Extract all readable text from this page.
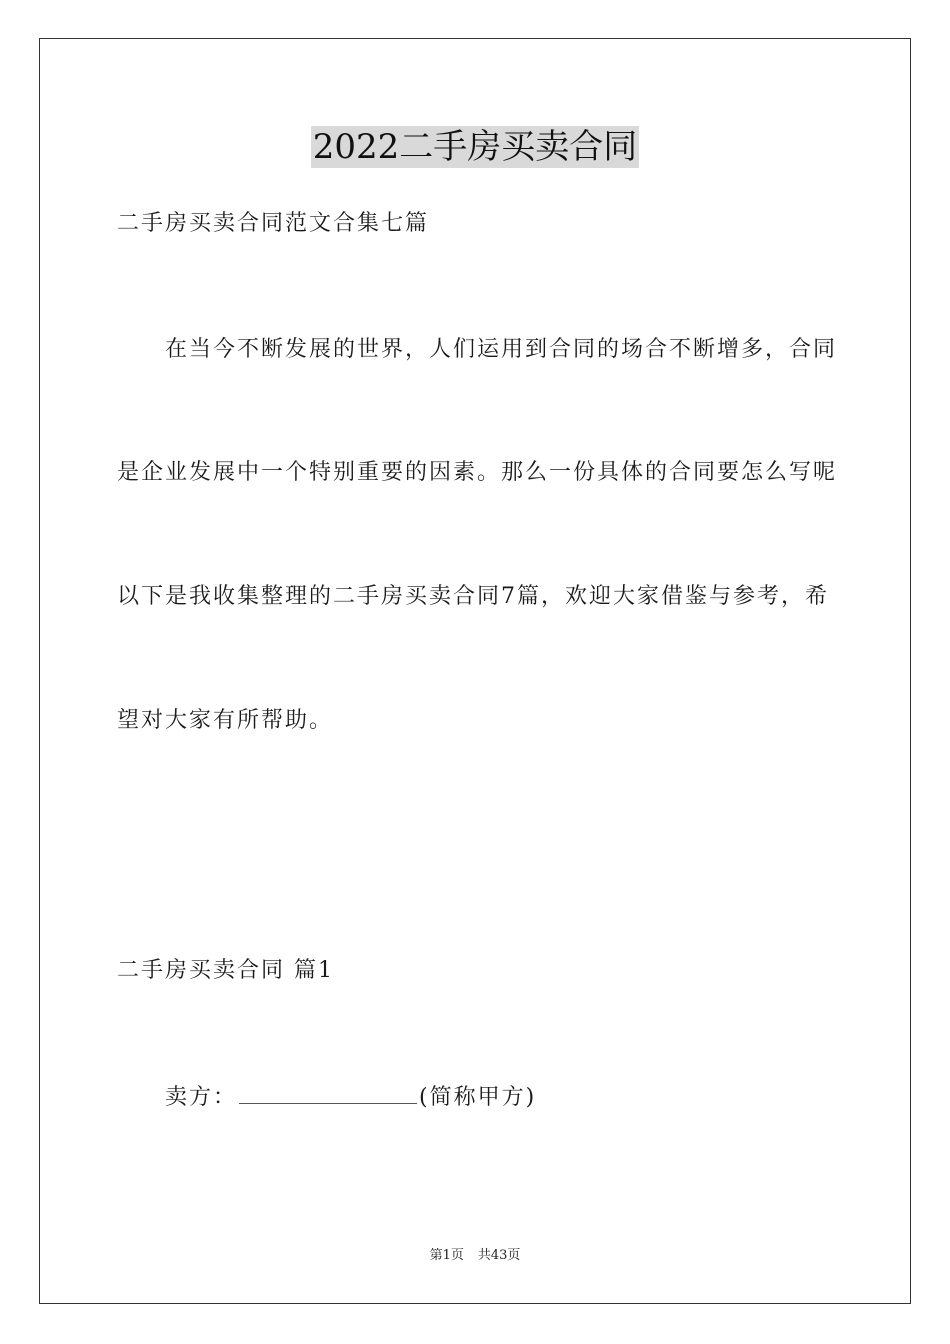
2022二手房买卖合同
二手房买卖合同范文合集七篇
在当今不断发展的世界，人们运用到合同的场合不断增多，合同
是企业发展中一个特别重要的因素。那么一份具体的合同要怎么写呢
以下是我收集整理的二手房买卖合同7篇，欢迎大家借鉴与参考，希
望对大家有所帮助。
二手房买卖合同 篇1
卖方：	(简称甲方)
第1页 共43页
